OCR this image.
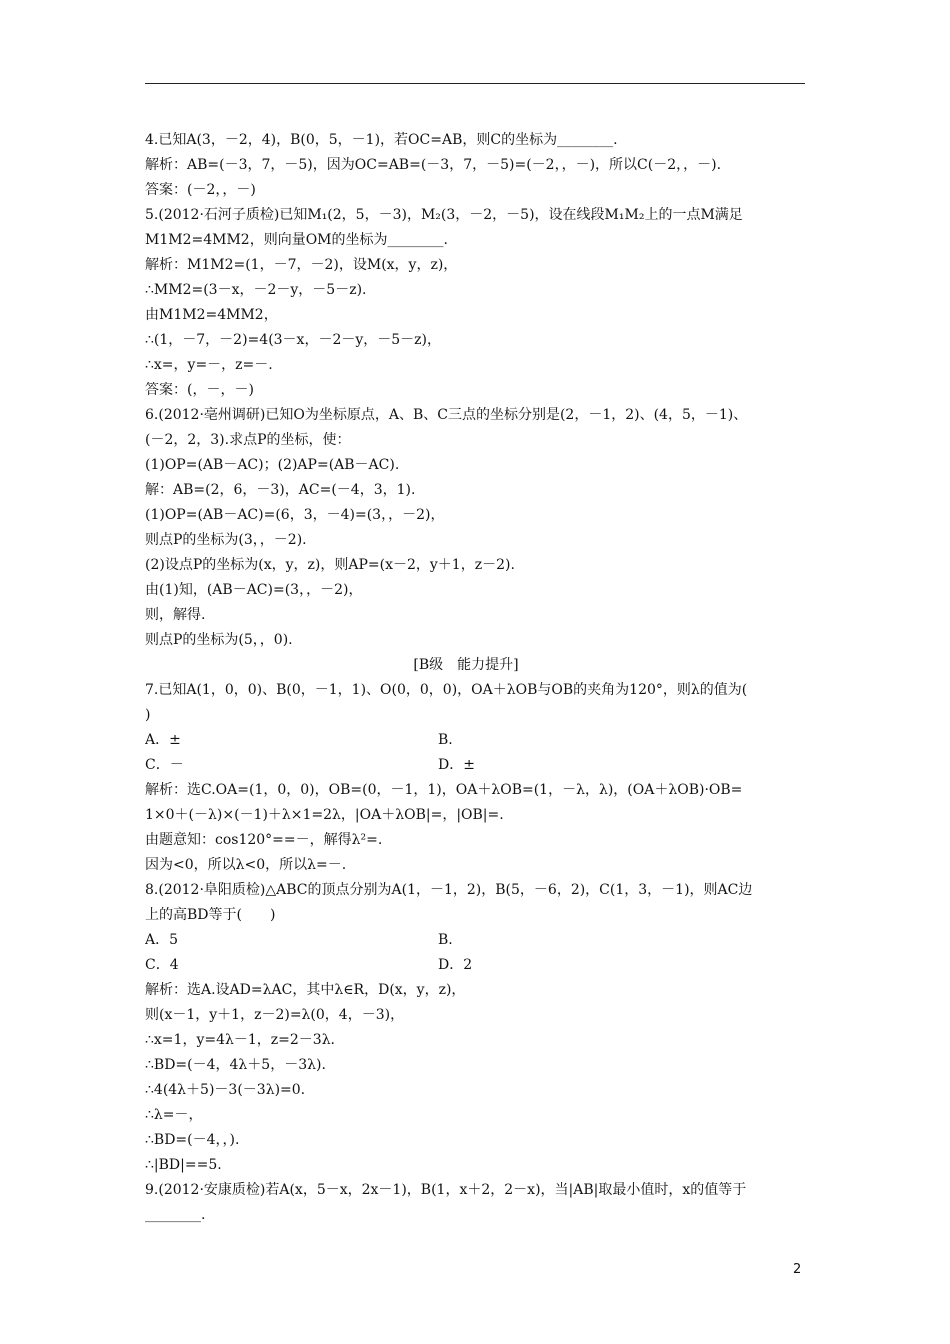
4.已知A(3，－2，4)，B(0，5，－1)，若OC=AB，则C的坐标为________.
解析：AB=(－3，7，－5)，因为OC=AB=(－3，7，－5)=(－2，，－)，所以C(－2，，－).
答案：(－2，，－)
5.(2012·石河子质检)已知M₁(2，5，－3)，M₂(3，－2，－5)，设在线段M₁M₂上的一点M满足
M1M2=4MM2，则向量OM的坐标为________.
解析：M1M2=(1，－7，－2)，设M(x，y，z)，
∴MM2=(3－x，－2－y，－5－z).
由M1M2=4MM2，
∴(1，－7，－2)=4(3－x，－2－y，－5－z)，
∴x=，y=－，z=－.
答案：(，－，－)
6.(2012·亳州调研)已知O为坐标原点，A、B、C三点的坐标分别是(2，－1，2)、(4，5，－1)、
(－2，2，3).求点P的坐标，使：
(1)OP=(AB－AC)；(2)AP=(AB－AC).
解：AB=(2，6，－3)，AC=(－4，3，1).
(1)OP=(AB－AC)=(6，3，－4)=(3，，－2)，
则点P的坐标为(3，，－2).
(2)设点P的坐标为(x，y，z)，则AP=(x－2，y＋1，z－2).
由(1)知，(AB－AC)=(3，，－2)，
则，解得.
则点P的坐标为(5，，0).
[B级　能力提升]
7.已知A(1，0，0)、B(0，－1，1)、O(0，0，0)，OA＋λOB与OB的夹角为120°，则λ的值为(
)
A．±	B.
C．－	D．±
解析：选C.OA=(1，0，0)，OB=(0，－1，1)，OA＋λOB=(1，－λ，λ)，(OA＋λOB)·OB=
1×0＋(－λ)×(－1)＋λ×1=2λ，|OA＋λOB|=，|OB|=.
由题意知：cos120°==－，解得λ²=.
因为<0，所以λ<0，所以λ=－.
8.(2012·阜阳质检)△ABC的顶点分别为A(1，－1，2)，B(5，－6，2)，C(1，3，－1)，则AC边
上的高BD等于(　　)
A．5	B.
C．4	D．2
解析：选A.设AD=λAC，其中λ∈R，D(x，y，z)，
则(x－1，y＋1，z－2)=λ(0，4，－3)，
∴x=1，y=4λ－1，z=2－3λ.
∴BD=(－4，4λ＋5，－3λ).
∴4(4λ＋5)－3(－3λ)=0.
∴λ=－，
∴BD=(－4，，).
∴|BD|==5.
9.(2012·安康质检)若A(x，5－x，2x－1)，B(1，x＋2，2－x)，当|AB|取最小值时，x的值等于
________.
2
